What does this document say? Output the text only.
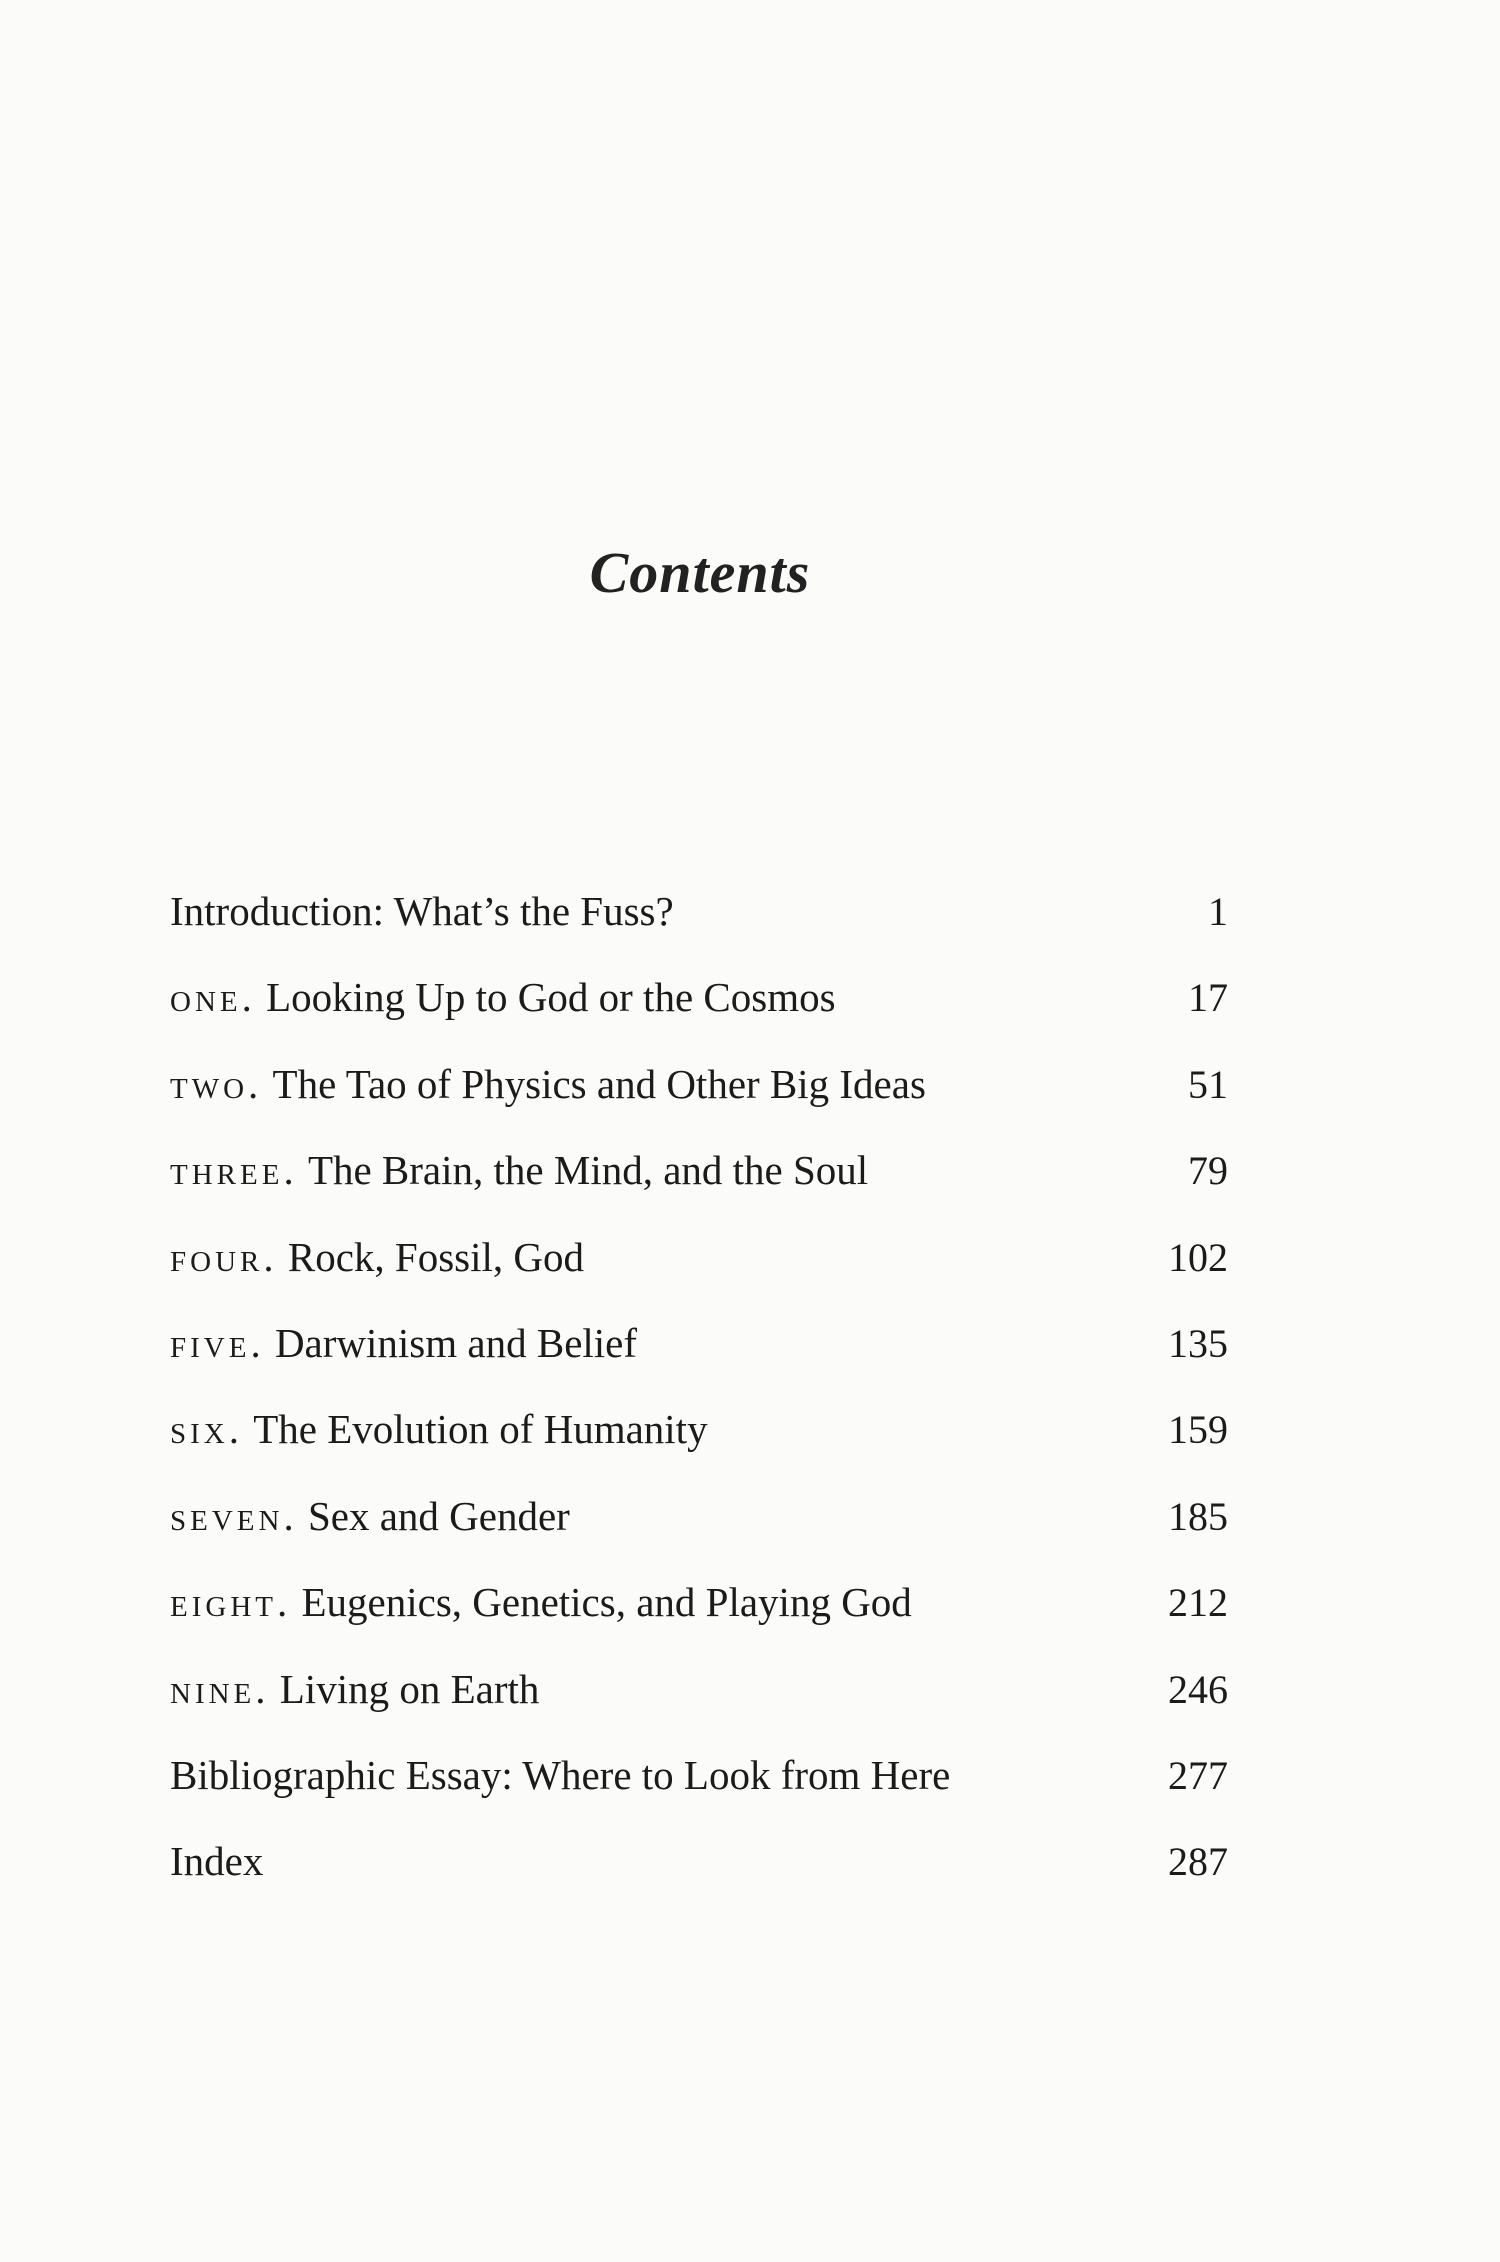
Contents
Introduction: What’s the Fuss?	1
one. Looking Up to God or the Cosmos	17
two. The Tao of Physics and Other Big Ideas	51
three. The Brain, the Mind, and the Soul	79
four. Rock, Fossil, God	102
five. Darwinism and Belief	135
six. The Evolution of Humanity	159
seven. Sex and Gender	185
eight. Eugenics, Genetics, and Playing God	212
nine. Living on Earth	246
Bibliographic Essay: Where to Look from Here	277
Index	287
